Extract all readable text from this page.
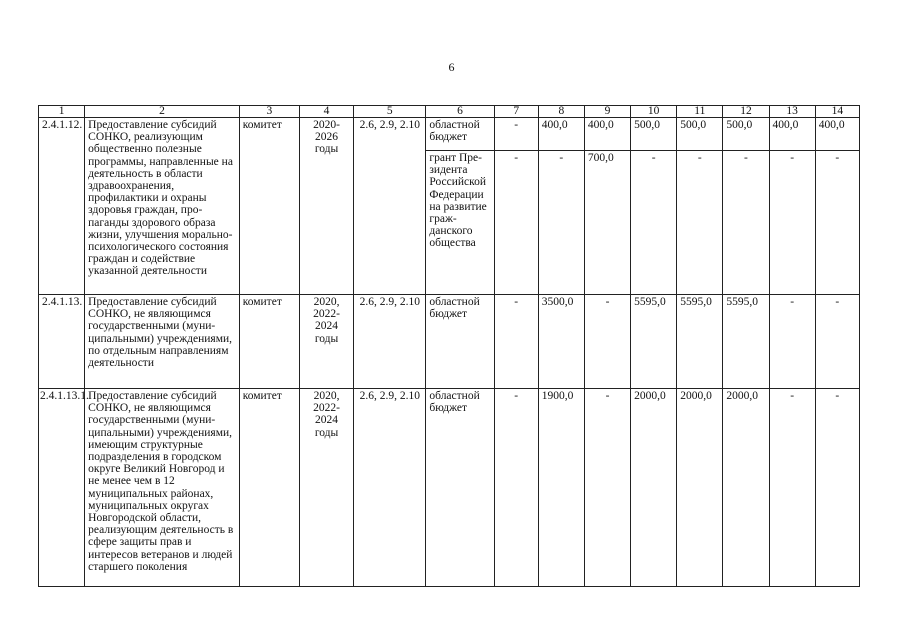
6
1	2	3	4	5	6	7	8	9	10	11	12	13	14
2.4.1.12.	Предоставление субсидий СОНКО, реализующим общественно полезные программы, направленные на деятельность в области здравоохранения, профилактики и охраны здоровья граждан, пропаганды здорового образа жизни, улучшения морально-психологического состояния граждан и содействие указанной деятельности	комитет	2020-2026 годы	2.6, 2.9, 2.10	областной бюджет	-	400,0	400,0	500,0	500,0	500,0	400,0	400,0
					грант Президента Российской Федерации на развитие гражданского общества	-	-	700,0	-	-	-	-	-
2.4.1.13.	Предоставление субсидий СОНКО, не являющимся государственными (муниципальными) учреждениями, по отдельным направлениям деятельности	комитет	2020, 2022-2024 годы	2.6, 2.9, 2.10	областной бюджет	-	3500,0	-	5595,0	5595,0	5595,0	-	-
2.4.1.13.1.	Предоставление субсидий СОНКО, не являющимся государственными (муниципальными) учреждениями, имеющим структурные подразделения в городском округе Великий Новгород и не менее чем в 12 муниципальных районах, муниципальных округах Новгородской области, реализующим деятельность в сфере защиты прав и интересов ветеранов и людей старшего поколения	комитет	2020, 2022-2024 годы	2.6, 2.9, 2.10	областной бюджет	-	1900,0	-	2000,0	2000,0	2000,0	-	-
